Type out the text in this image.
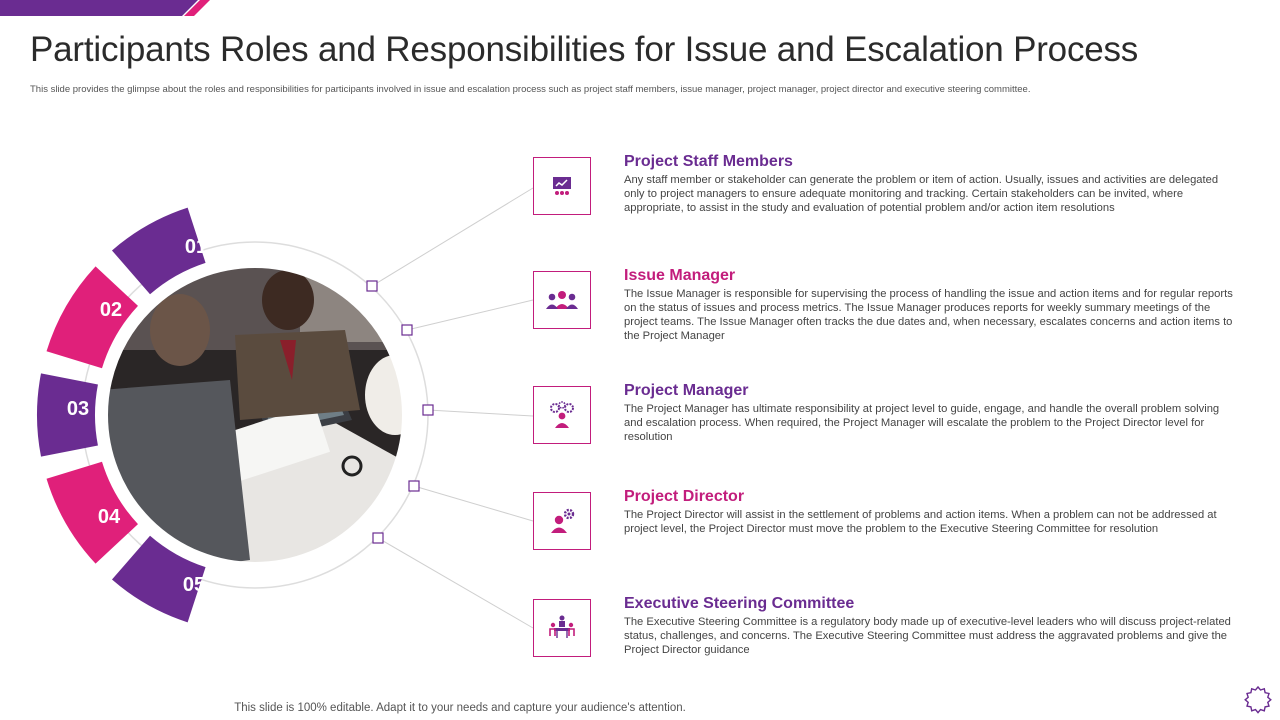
Participants Roles and Responsibilities for Issue and Escalation Process
This slide provides the glimpse about the roles and responsibilities for participants involved in issue and escalation process such as project staff members, issue manager, project manager, project director and executive steering committee.
01
02
03
04
05
Project Staff Members
Any staff member or stakeholder can generate the problem or item of action. Usually, issues and activities are delegated only to project managers to ensure adequate monitoring and tracking. Certain stakeholders can be invited, where appropriate, to assist in the study and evaluation of potential problem and/or action item resolutions
Issue Manager
The Issue Manager is responsible for supervising the process of handling the issue and action items and for regular reports on the status of issues and process metrics. The Issue Manager produces reports for weekly summary meetings of the project teams. The Issue Manager often tracks the due dates and, when necessary, escalates concerns and action items to the Project Manager
Project Manager
The Project Manager has ultimate responsibility at project level to guide, engage, and handle the overall problem solving and escalation process. When required, the Project Manager will escalate the problem to the Project Director level for resolution
Project Director
The Project Director will assist in the settlement of problems and action items. When a problem can not be addressed at project level, the Project Director must move the problem to the Executive Steering Committee for resolution
Executive Steering Committee
The Executive Steering Committee is a regulatory body made up of executive-level leaders who will discuss project-related status, challenges, and concerns. The Executive Steering Committee must address the aggravated problems and give the Project Director guidance
This slide is 100% editable. Adapt it to your needs and capture your audience's attention.
